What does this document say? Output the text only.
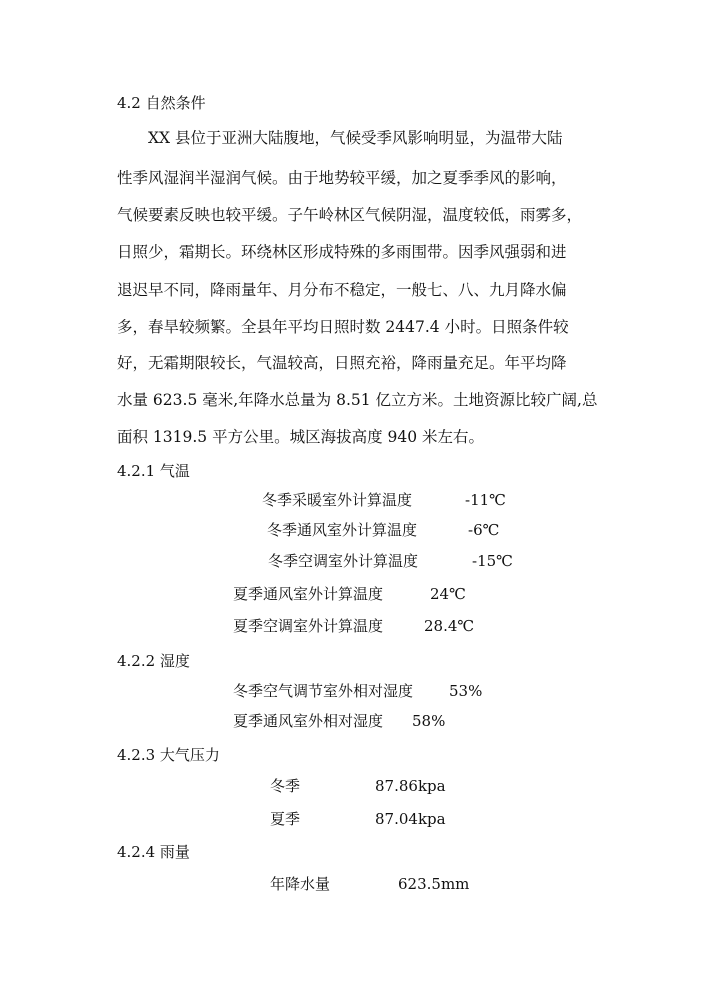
4.2 自然条件
XX 县位于亚洲大陆腹地，气候受季风影响明显，为温带大陆
性季风湿润半湿润气候。由于地势较平缓，加之夏季季风的影响，
气候要素反映也较平缓。子午岭林区气候阴湿，温度较低，雨雾多，
日照少，霜期长。环绕林区形成特殊的多雨围带。因季风强弱和进
退迟早不同，降雨量年、月分布不稳定，一般七、八、九月降水偏
多，春旱较频繁。全县年平均日照时数 2447.4 小时。日照条件较
好，无霜期限较长，气温较高，日照充裕，降雨量充足。年平均降
水量 623.5 毫米,年降水总量为 8.51 亿立方米。土地资源比较广阔,总
面积 1319.5 平方公里。城区海拔高度 940 米左右。
4.2.1 气温
冬季采暖室外计算温度	-11℃
冬季通风室外计算温度	-6℃
冬季空调室外计算温度	-15℃
夏季通风室外计算温度	24℃
夏季空调室外计算温度	28.4℃
4.2.2 湿度
冬季空气调节室外相对湿度 53%
夏季通风室外相对湿度 58%
4.2.3 大气压力
冬季	87.86kpa
夏季	87.04kpa
4.2.4 雨量
年降水量	623.5mm
